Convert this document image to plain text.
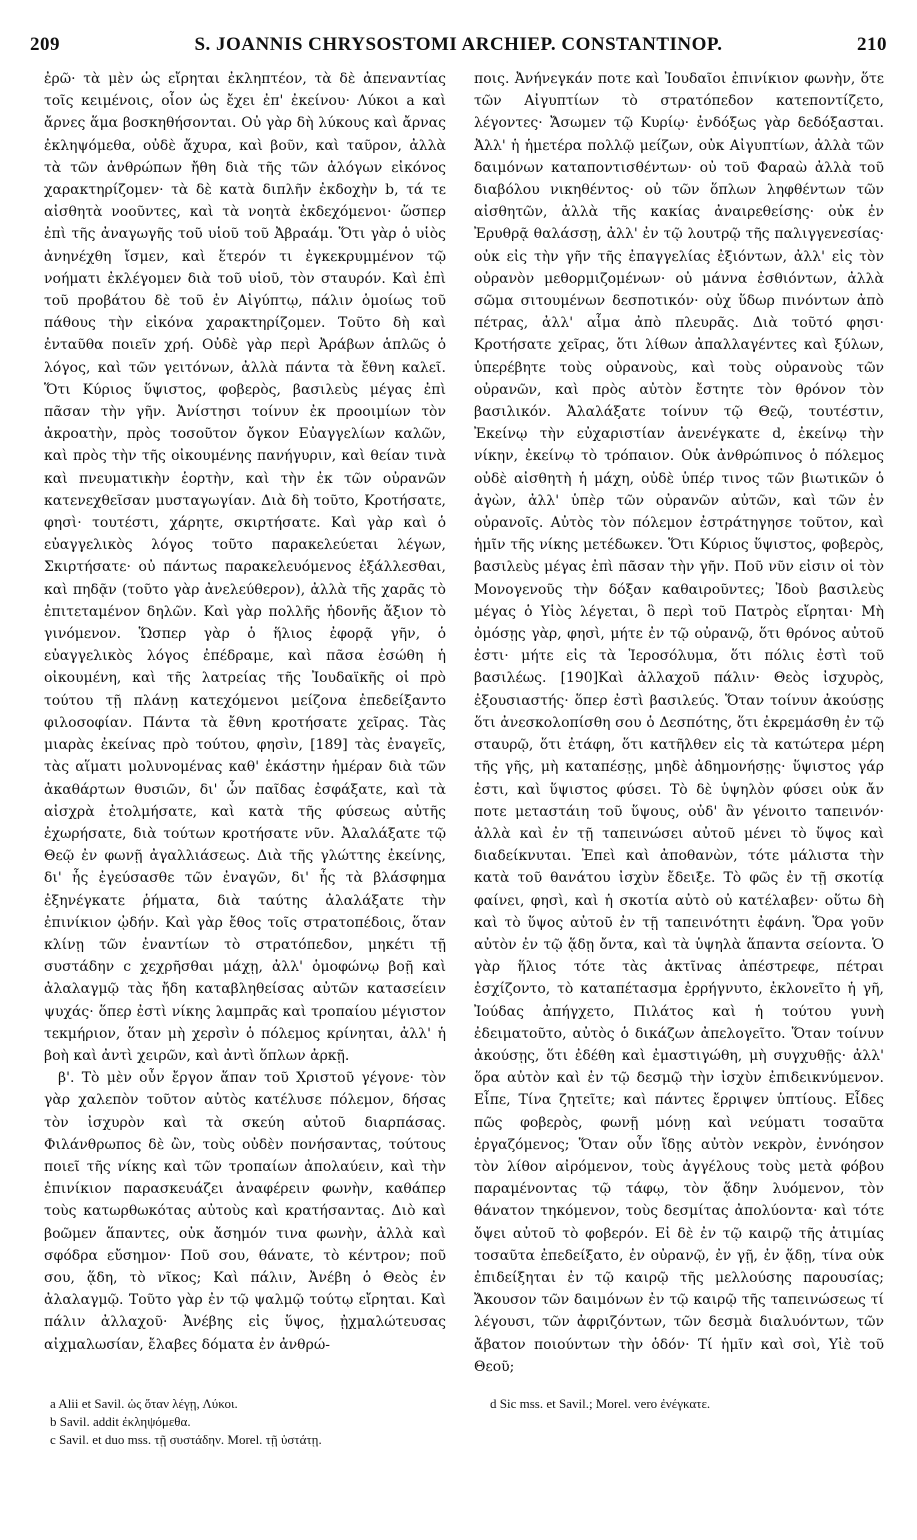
209	S. JOANNIS CHRYSOSTOMI ARCHIEP. CONSTANTINOP.	210

ἐρῶ· τὰ μὲν ὡς εἴρηται ἐκληπτέον, τὰ δὲ ἀπεναντίας τοῖς κειμένοις, οἷον ὡς ἔχει ἐπ' ἐκείνου· Λύκοι a καὶ ἄρνες ἅμα βοσκηθήσονται. Οὐ γὰρ δὴ λύκους καὶ ἄρνας ἐκληψόμεθα, οὐδὲ ἄχυρα, καὶ βοῦν, καὶ ταῦρον, ἀλλὰ τὰ τῶν ἀνθρώπων ἤθη διὰ τῆς τῶν ἀλόγων εἰκόνος χαρακτηρίζομεν· τὰ δὲ κατὰ διπλῆν ἐκδοχὴν b, τά τε αἰσθητὰ νοοῦντες, καὶ τὰ νοητὰ ἐκδεχόμενοι· ὥσπερ ἐπὶ τῆς ἀναγωγῆς τοῦ υἱοῦ τοῦ Ἀβραάμ. Ὅτι γὰρ ὁ υἱὸς ἀνηνέχθη ἴσμεν, καὶ ἕτερόν τι ἐγκεκρυμμένον τῷ νοήματι ἐκλέγομεν διὰ τοῦ υἱοῦ, τὸν σταυρόν. Καὶ ἐπὶ τοῦ προβάτου δὲ τοῦ ἐν Αἰγύπτῳ, πάλιν ὁμοίως τοῦ πάθους τὴν εἰκόνα χαρακτηρίζομεν. Τοῦτο δὴ καὶ ἐνταῦθα ποιεῖν χρή. Οὐδὲ γὰρ περὶ Ἀράβων ἁπλῶς ὁ λόγος, καὶ τῶν γειτόνων, ἀλλὰ πάντα τὰ ἔθνη καλεῖ. Ὅτι Κύριος ὕψιστος, φοβερὸς, βασιλεὺς μέγας ἐπὶ πᾶσαν τὴν γῆν. Ἀνίστησι τοίνυν ἐκ προοιμίων τὸν ἀκροατὴν, πρὸς τοσοῦτον ὄγκον Εὐαγγελίων καλῶν, καὶ πρὸς τὴν τῆς οἰκουμένης πανήγυριν, καὶ θείαν τινὰ καὶ πνευματικὴν ἑορτὴν, καὶ τὴν ἐκ τῶν οὐρανῶν κατενεχθεῖσαν μυσταγωγίαν. Διὰ δὴ τοῦτο, Κροτήσατε, φησὶ· τουτέστι, χάρητε, σκιρτήσατε. Καὶ γὰρ καὶ ὁ εὐαγγελικὸς λόγος τοῦτο παρακελεύεται λέγων, Σκιρτήσατε· οὐ πάντως παρακελευόμενος ἐξάλλεσθαι, καὶ πηδᾷν (τοῦτο γὰρ ἀνελεύθερον), ἀλλὰ τῆς χαρᾶς τὸ ἐπιτεταμένον δηλῶν. Καὶ γὰρ πολλῆς ἡδονῆς ἄξιον τὸ γινόμενον. Ὥσπερ γὰρ ὁ ἥλιος ἐφορᾷ γῆν, ὁ εὐαγγελικὸς λόγος ἐπέδραμε, καὶ πᾶσα ἐσώθη ἡ οἰκουμένη, καὶ τῆς λατρείας τῆς Ἰουδαϊκῆς οἱ πρὸ τούτου τῇ πλάνῃ κατεχόμενοι μείζονα ἐπεδείξαντο φιλοσοφίαν. Πάντα τὰ ἔθνη κροτήσατε χεῖρας. Τὰς μιαρὰς ἐκείνας πρὸ τούτου, φησὶν, [189] τὰς ἐναγεῖς, τὰς αἵματι μολυνομένας καθ' ἑκάστην ἡμέραν διὰ τῶν ἀκαθάρτων θυσιῶν, δι' ὧν παῖδας ἐσφάξατε, καὶ τὰ αἰσχρὰ ἐτολμήσατε, καὶ κατὰ τῆς φύσεως αὐτῆς ἐχωρήσατε, διὰ τούτων κροτήσατε νῦν. Ἀλαλάξατε τῷ Θεῷ ἐν φωνῇ ἀγαλλιάσεως. Διὰ τῆς γλώττης ἐκείνης, δι' ἧς ἐγεύσασθε τῶν ἐναγῶν, δι' ἧς τὰ βλάσφημα ἐξηνέγκατε ῥήματα, διὰ ταύτης ἀλαλάξατε τὴν ἐπινίκιον ᾠδήν. Καὶ γὰρ ἔθος τοῖς στρατοπέδοις, ὅταν κλίνῃ τῶν ἐναντίων τὸ στρατόπεδον, μηκέτι τῇ συστάδην c χεχρῆσθαι μάχῃ, ἀλλ' ὁμοφώνῳ βοῇ καὶ ἀλαλαγμῷ τὰς ἤδη καταβληθείσας αὐτῶν κατασείειν ψυχάς· ὅπερ ἐστὶ νίκης λαμπρᾶς καὶ τροπαίου μέγιστον τεκμήριον, ὅταν μὴ χερσὶν ὁ πόλεμος κρίνηται, ἀλλ' ἡ βοὴ καὶ ἀντὶ χειρῶν, καὶ ἀντὶ ὅπλων ἀρκῇ.

β'. Τὸ μὲν οὖν ἔργον ἅπαν τοῦ Χριστοῦ γέγονε· τὸν γὰρ χαλεπὸν τοῦτον αὐτὸς κατέλυσε πόλεμον, δήσας τὸν ἰσχυρὸν καὶ τὰ σκεύη αὐτοῦ διαρπάσας. Φιλάνθρωπος δὲ ὢν, τοὺς οὐδὲν πονήσαντας, τούτους ποιεῖ τῆς νίκης καὶ τῶν τροπαίων ἀπολαύειν, καὶ τὴν ἐπινίκιον παρασκευάζει ἀναφέρειν φωνὴν, καθάπερ τοὺς κατωρθωκότας αὐτοὺς καὶ κρατήσαντας. Διὸ καὶ βοῶμεν ἅπαντες, οὐκ ἄσημόν τινα φωνὴν, ἀλλὰ καὶ σφόδρα εὔσημον· Ποῦ σου, θάνατε, τὸ κέντρον; ποῦ σου, ᾅδη, τὸ νῖκος; Καὶ πάλιν, Ἀνέβη ὁ Θεὸς ἐν ἀλαλαγμῷ. Τοῦτο γὰρ ἐν τῷ ψαλμῷ τούτῳ εἴρηται. Καὶ πάλιν ἀλλαχοῦ· Ἀνέβης εἰς ὕψος, ᾐχμαλώτευσας αἰχμαλωσίαν, ἔλαβες δόματα ἐν ἀνθρώ-

ποις. Ἀνήνεγκάν ποτε καὶ Ἰουδαῖοι ἐπινίκιον φωνὴν, ὅτε τῶν Αἰγυπτίων τὸ στρατόπεδον κατεποντίζετο, λέγοντες· Ἄσωμεν τῷ Κυρίῳ· ἐνδόξως γὰρ δεδόξασται. Ἀλλ' ἡ ἡμετέρα πολλῷ μείζων, οὐκ Αἰγυπτίων, ἀλλὰ τῶν δαιμόνων καταποντισθέντων· οὐ τοῦ Φαραὼ ἀλλὰ τοῦ διαβόλου νικηθέντος· οὐ τῶν ὅπλων ληφθέντων τῶν αἰσθητῶν, ἀλλὰ τῆς κακίας ἀναιρεθείσης· οὐκ ἐν Ἐρυθρᾷ θαλάσσῃ, ἀλλ' ἐν τῷ λουτρῷ τῆς παλιγγενεσίας· οὐκ εἰς τὴν γῆν τῆς ἐπαγγελίας ἐξιόντων, ἀλλ' εἰς τὸν οὐρανὸν μεθορμιζομένων· οὐ μάννα ἐσθιόντων, ἀλλὰ σῶμα σιτουμένων δεσποτικόν· οὐχ ὕδωρ πινόντων ἀπὸ πέτρας, ἀλλ' αἷμα ἀπὸ πλευρᾶς. Διὰ τοῦτό φησι· Κροτήσατε χεῖρας, ὅτι λίθων ἀπαλλαγέντες καὶ ξύλων, ὑπερέβητε τοὺς οὐρανοὺς, καὶ τοὺς οὐρανοὺς τῶν οὐρανῶν, καὶ πρὸς αὐτὸν ἔστητε τὸν θρόνον τὸν βασιλικόν. Ἀλαλάξατε τοίνυν τῷ Θεῷ, τουτέστιν, Ἐκείνῳ τὴν εὐχαριστίαν ἀνενέγκατε d, ἐκείνῳ τὴν νίκην, ἐκείνῳ τὸ τρόπαιον. Οὐκ ἀνθρώπινος ὁ πόλεμος οὐδὲ αἰσθητὴ ἡ μάχη, οὐδὲ ὑπέρ τινος τῶν βιωτικῶν ὁ ἀγὼν, ἀλλ' ὑπὲρ τῶν οὐρανῶν αὐτῶν, καὶ τῶν ἐν οὐρανοῖς. Αὐτὸς τὸν πόλεμον ἐστράτηγησε τοῦτον, καὶ ἡμῖν τῆς νίκης μετέδωκεν. Ὅτι Κύριος ὕψιστος, φοβερὸς, βασιλεὺς μέγας ἐπὶ πᾶσαν τὴν γῆν. Ποῦ νῦν εἰσιν οἱ τὸν Μονογενοῦς τὴν δόξαν καθαιροῦντες; Ἰδοὺ βασιλεὺς μέγας ὁ Υἱὸς λέγεται, ὃ περὶ τοῦ Πατρὸς εἴρηται· Μὴ ὀμόσῃς γὰρ, φησὶ, μήτε ἐν τῷ οὐρανῷ, ὅτι θρόνος αὐτοῦ ἐστι· μήτε εἰς τὰ Ἱεροσόλυμα, ὅτι πόλις ἐστὶ τοῦ βασιλέως. [190]Καὶ ἀλλαχοῦ πάλιν· Θεὸς ἰσχυρὸς, ἐξουσιαστής· ὅπερ ἐστὶ βασιλεύς. Ὅταν τοίνυν ἀκούσῃς ὅτι ἀνεσκολοπίσθη σου ὁ Δεσπότης, ὅτι ἐκρεμάσθη ἐν τῷ σταυρῷ, ὅτι ἐτάφη, ὅτι κατῆλθεν εἰς τὰ κατώτερα μέρη τῆς γῆς, μὴ καταπέσῃς, μηδὲ ἀδημονήσῃς· ὕψιστος γάρ ἐστι, καὶ ὕψιστος φύσει. Τὸ δὲ ὑψηλὸν φύσει οὐκ ἄν ποτε μεταστάιη τοῦ ὕψους, οὐδ' ἂν γένοιτο ταπεινόν· ἀλλὰ καὶ ἐν τῇ ταπεινώσει αὐτοῦ μένει τὸ ὕψος καὶ διαδείκνυται. Ἐπεὶ καὶ ἀποθανὼν, τότε μάλιστα τὴν κατὰ τοῦ θανάτου ἰσχὺν ἔδειξε. Τὸ φῶς ἐν τῇ σκοτίᾳ φαίνει, φησὶ, καὶ ἡ σκοτία αὐτὸ οὐ κατέλαβεν· οὕτω δὴ καὶ τὸ ὕψος αὐτοῦ ἐν τῇ ταπεινότητι ἐφάνη. Ὅρα γοῦν αὐτὸν ἐν τῷ ᾅδῃ ὄντα, καὶ τὰ ὑψηλὰ ἅπαντα σείοντα. Ὁ γὰρ ἥλιος τότε τὰς ἀκτῖνας ἀπέστρεφε, πέτραι ἐσχίζοντο, τὸ καταπέτασμα ἐρρήγνυτο, ἐκλονεῖτο ἡ γῆ, Ἰούδας ἀπήγχετο, Πιλάτος καὶ ἡ τούτου γυνὴ ἐδειματοῦτο, αὐτὸς ὁ δικάζων ἀπελογεῖτο. Ὅταν τοίνυν ἀκούσῃς, ὅτι ἐδέθη καὶ ἐμαστιγώθη, μὴ συγχυθῇς· ἀλλ' ὅρα αὐτὸν καὶ ἐν τῷ δεσμῷ τὴν ἰσχὺν ἐπιδεικνύμενον. Εἶπε, Τίνα ζητεῖτε; καὶ πάντες ἔρριψεν ὑπτίους. Εἶδες πῶς φοβερὸς, φωνῇ μόνῃ καὶ νεύματι τοσαῦτα ἐργαζόμενος; Ὅταν οὖν ἴδῃς αὐτὸν νεκρὸν, ἐννόησον τὸν λίθον αἰρόμενον, τοὺς ἀγγέλους τοὺς μετὰ φόβου παραμένοντας τῷ τάφῳ, τὸν ᾅδην λυόμενον, τὸν θάνατον τηκόμενον, τοὺς δεσμίτας ἀπολύοντα· καὶ τότε ὄψει αὐτοῦ τὸ φοβερόν. Εἰ δὲ ἐν τῷ καιρῷ τῆς ἀτιμίας τοσαῦτα ἐπεδείξατο, ἐν οὐρανῷ, ἐν γῇ, ἐν ᾅδῃ, τίνα οὐκ ἐπιδείξηται ἐν τῷ καιρῷ τῆς μελλούσης παρουσίας; Ἄκουσον τῶν δαιμόνων ἐν τῷ καιρῷ τῆς ταπεινώσεως τί λέγουσι, τῶν ἀφριζόντων, τῶν δεσμὰ διαλυόντων, τῶν ἄβατον ποιούντων τὴν ὁδόν· Τί ἡμῖν καὶ σοὶ, Υἱὲ τοῦ Θεοῦ;

a Alii et Savil. ὡς ὅταν λέγῃ, Λύκοι.
b Savil. addit ἐκληψόμεθα.
c Savil. et duo mss. τῇ συστάδην. Morel. τῇ ὑστάτῃ.
d Sic mss. et Savil.; Morel. vero ἐνέγκατε.
